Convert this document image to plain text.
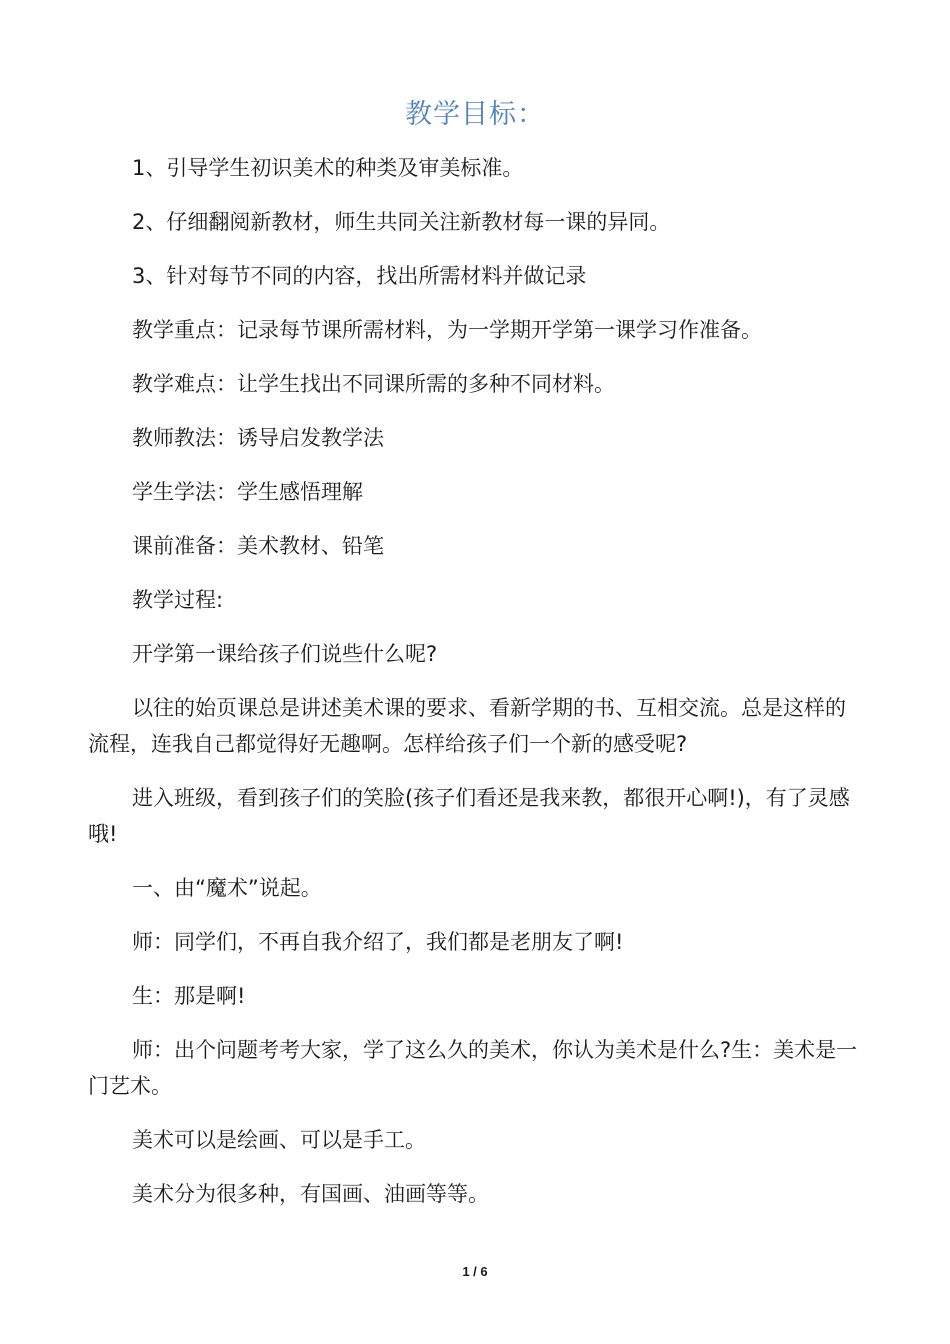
教学目标：

1、引导学生初识美术的种类及审美标准。

2、仔细翻阅新教材，师生共同关注新教材每一课的异同。

3、针对每节不同的内容，找出所需材料并做记录

教学重点：记录每节课所需材料，为一学期开学第一课学习作准备。

教学难点：让学生找出不同课所需的多种不同材料。

教师教法：诱导启发教学法

学生学法：学生感悟理解

课前准备：美术教材、铅笔

教学过程:

开学第一课给孩子们说些什么呢?

以往的始页课总是讲述美术课的要求、看新学期的书、互相交流。总是这样的流程，连我自己都觉得好无趣啊。怎样给孩子们一个新的感受呢?

进入班级，看到孩子们的笑脸(孩子们看还是我来教，都很开心啊!)，有了灵感哦!

一、由“魔术”说起。

师：同学们，不再自我介绍了，我们都是老朋友了啊!

生：那是啊!

师：出个问题考考大家，学了这么久的美术，你认为美术是什么?生：美术是一门艺术。

美术可以是绘画、可以是手工。

美术分为很多种，有国画、油画等等。

1 / 6
